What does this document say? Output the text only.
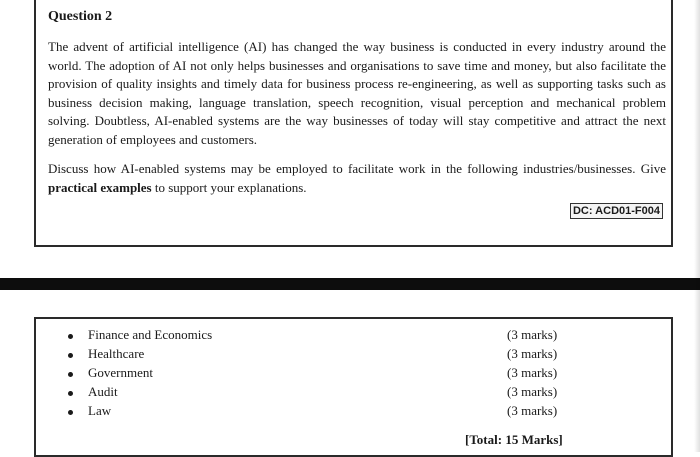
Question 2

The advent of artificial intelligence (AI) has changed the way business is conducted in every industry around the world. The adoption of AI not only helps businesses and organisations to save time and money, but also facilitate the provision of quality insights and timely data for business process re-engineering, as well as supporting tasks such as business decision making, language translation, speech recognition, visual perception and mechanical problem solving. Doubtless, AI-enabled systems are the way businesses of today will stay competitive and attract the next generation of employees and customers.

Discuss how AI-enabled systems may be employed to facilitate work in the following industries/businesses. Give practical examples to support your explanations.

DC: ACD01-F004
Finance and Economics	(3 marks)
Healthcare	(3 marks)
Government	(3 marks)
Audit	(3 marks)
Law	(3 marks)
[Total: 15 Marks]
